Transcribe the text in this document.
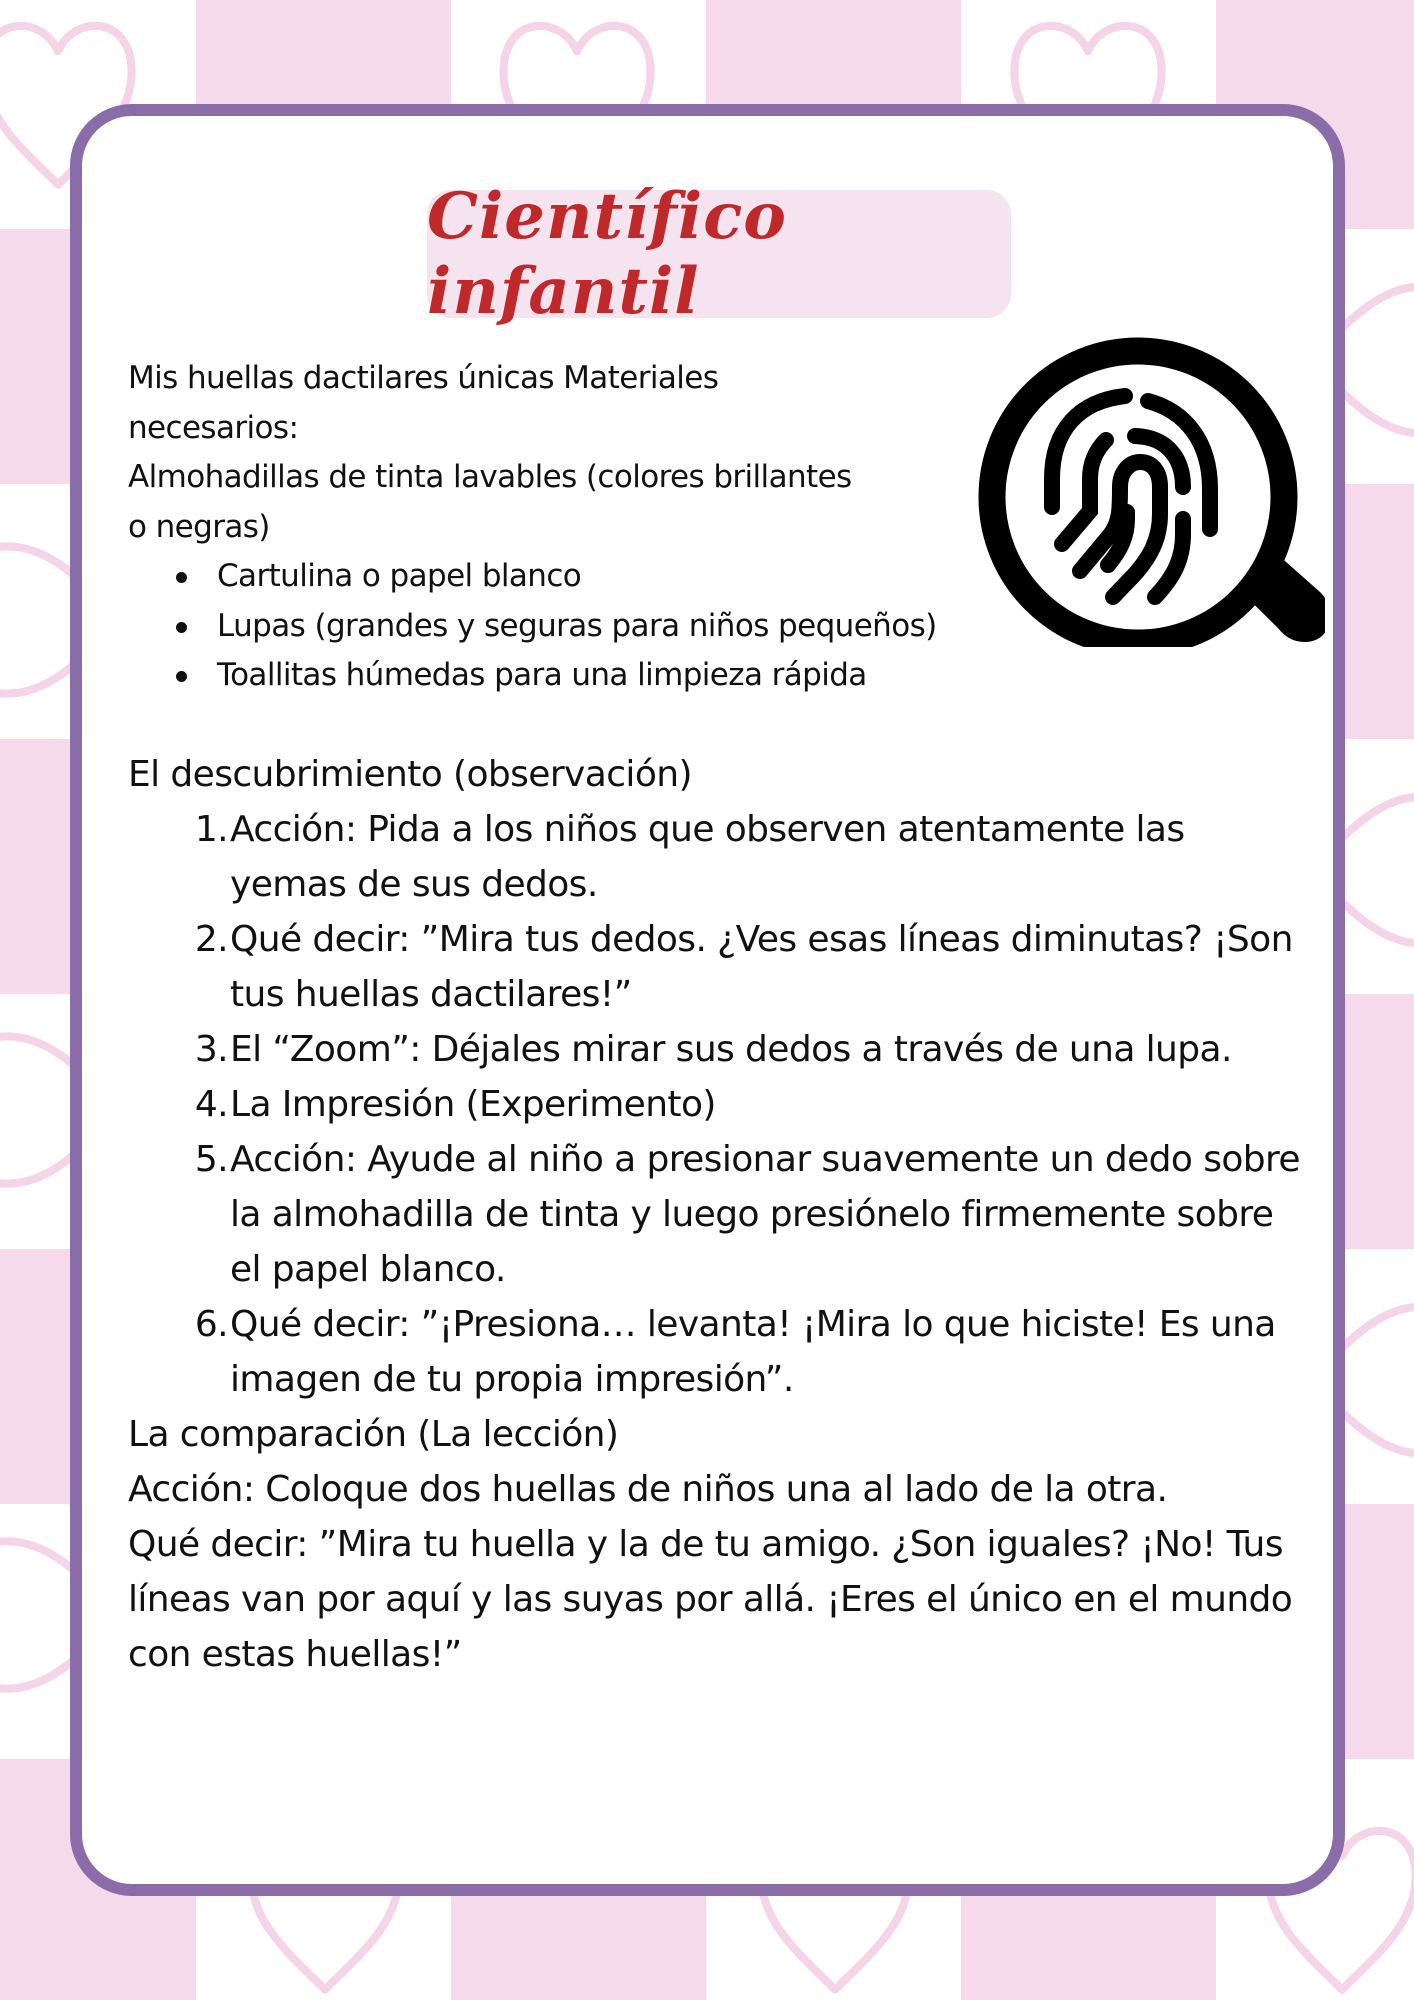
Científico infantil

Mis huellas dactilares únicas Materiales
necesarios:
Almohadillas de tinta lavables (colores brillantes
o negras)

Cartulina o papel blanco
Lupas (grandes y seguras para niños pequeños)
Toallitas húmedas para una limpieza rápida

El descubrimiento (observación)

1. Acción: Pida a los niños que observen atentamente las yemas de sus dedos.
2. Qué decir: ”Mira tus dedos. ¿Ves esas líneas diminutas? ¡Son tus huellas dactilares!”
3. El “Zoom”: Déjales mirar sus dedos a través de una lupa.
4. La Impresión (Experimento)
5. Acción: Ayude al niño a presionar suavemente un dedo sobre la almohadilla de tinta y luego presiónelo firmemente sobre el papel blanco.
6. Qué decir: ”¡Presiona… levanta! ¡Mira lo que hiciste! Es una imagen de tu propia impresión”.

La comparación (La lección)

Acción: Coloque dos huellas de niños una al lado de la otra.

Qué decir: ”Mira tu huella y la de tu amigo. ¿Son iguales? ¡No! Tus líneas van por aquí y las suyas por allá. ¡Eres el único en el mundo con estas huellas!”
